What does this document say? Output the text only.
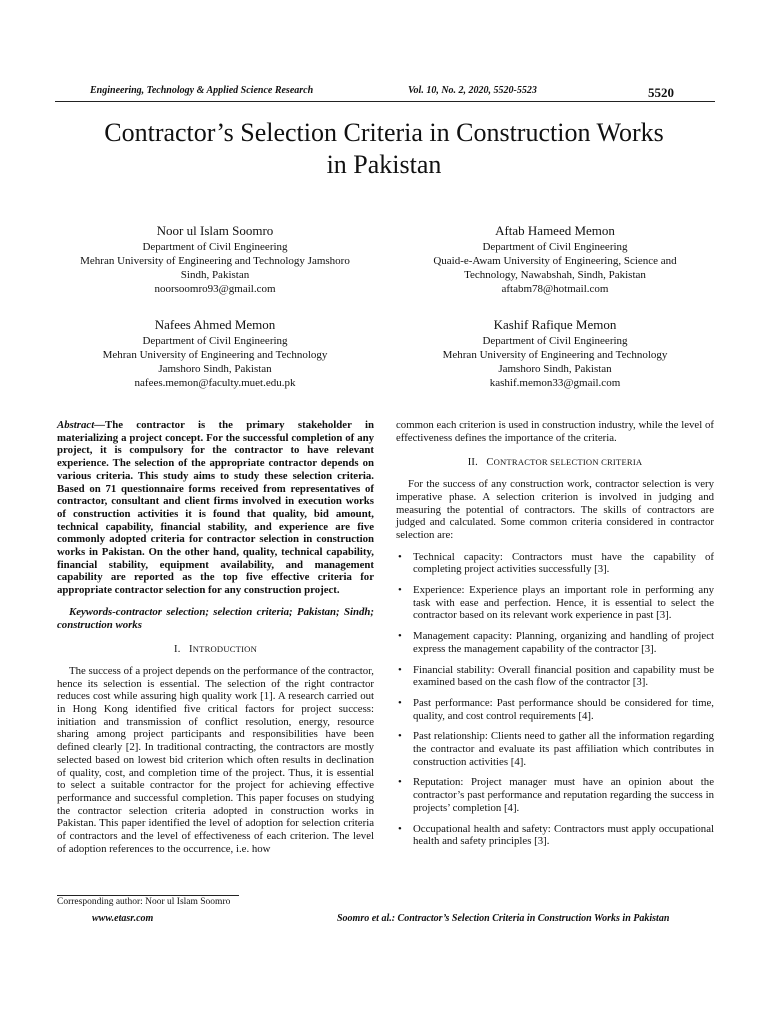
Engineering, Technology & Applied Science Research	Vol. 10, No. 2, 2020, 5520-5523	5520
Contractor’s Selection Criteria in Construction Works
in Pakistan
Noor ul Islam Soomro
Department of Civil Engineering
Mehran University of Engineering and Technology Jamshoro
Sindh, Pakistan
noorsoomro93@gmail.com
Aftab Hameed Memon
Department of Civil Engineering
Quaid-e-Awam University of Engineering, Science and
Technology, Nawabshah, Sindh, Pakistan
aftabm78@hotmail.com
Nafees Ahmed Memon
Department of Civil Engineering
Mehran University of Engineering and Technology
Jamshoro Sindh, Pakistan
nafees.memon@faculty.muet.edu.pk
Kashif Rafique Memon
Department of Civil Engineering
Mehran University of Engineering and Technology
Jamshoro Sindh, Pakistan
kashif.memon33@gmail.com

Abstract—The contractor is the primary stakeholder in materializing a project concept. For the successful completion of any project, it is compulsory for the contractor to have relevant experience. The selection of the appropriate contractor depends on various criteria. This study aims to study these selection criteria. Based on 71 questionnaire forms received from representatives of contractor, consultant and client firms involved in execution works of construction activities it is found that quality, bid amount, technical capability, financial stability, and experience are five commonly adopted criteria for contractor selection in construction works in Pakistan. On the other hand, quality, technical capability, financial stability, equipment availability, and management capability are reported as the top five effective criteria for appropriate contractor selection for any construction project.

Keywords-contractor selection; selection criteria; Pakistan; Sindh; construction works

I. INTRODUCTION

The success of a project depends on the performance of the contractor, hence its selection is essential. The selection of the right contractor reduces cost while assuring high quality work [1]. A research carried out in Hong Kong identified five critical factors for project success: initiation and transmission of conflict resolution, energy, resource sharing among project participants and responsibilities have been defined clearly [2]. In traditional contracting, the contractors are mostly selected based on lowest bid criterion which often results in declination of quality, cost, and completion time of the project. Thus, it is essential to select a suitable contractor for the project for achieving effective performance and successful completion. This paper focuses on studying the contractor selection criteria adopted in construction works in Pakistan. This paper identified the level of adoption for selection criteria of contractors and the level of effectiveness of each criterion. The level of adoption references to the occurrence, i.e. how

common each criterion is used in construction industry, while the level of effectiveness defines the importance of the criteria.

II. CONTRACTOR SELECTION CRITERIA

For the success of any construction work, contractor selection is very imperative phase. A selection criterion is involved in judging and measuring the potential of contractors. The skills of contractors are judged and calculated. Some common criteria considered in contractor selection are:

• Technical capacity: Contractors must have the capability of completing project activities successfully [3].
• Experience: Experience plays an important role in performing any task with ease and perfection. Hence, it is essential to select the contractor based on its relevant work experience in past [3].
• Management capacity: Planning, organizing and handling of project express the management capability of the contractor [3].
• Financial stability: Overall financial position and capability must be examined based on the cash flow of the contractor [3].
• Past performance: Past performance should be considered for time, quality, and cost control requirements [4].
• Past relationship: Clients need to gather all the information regarding the contractor and evaluate its past affiliation which contributes in construction activities [4].
• Reputation: Project manager must have an opinion about the contractor’s past performance and reputation regarding the success in projects’ completion [4].
• Occupational health and safety: Contractors must apply occupational health and safety principles [3].
Corresponding author: Noor ul Islam Soomro
www.etasr.com	Soomro et al.: Contractor’s Selection Criteria in Construction Works in Pakistan
